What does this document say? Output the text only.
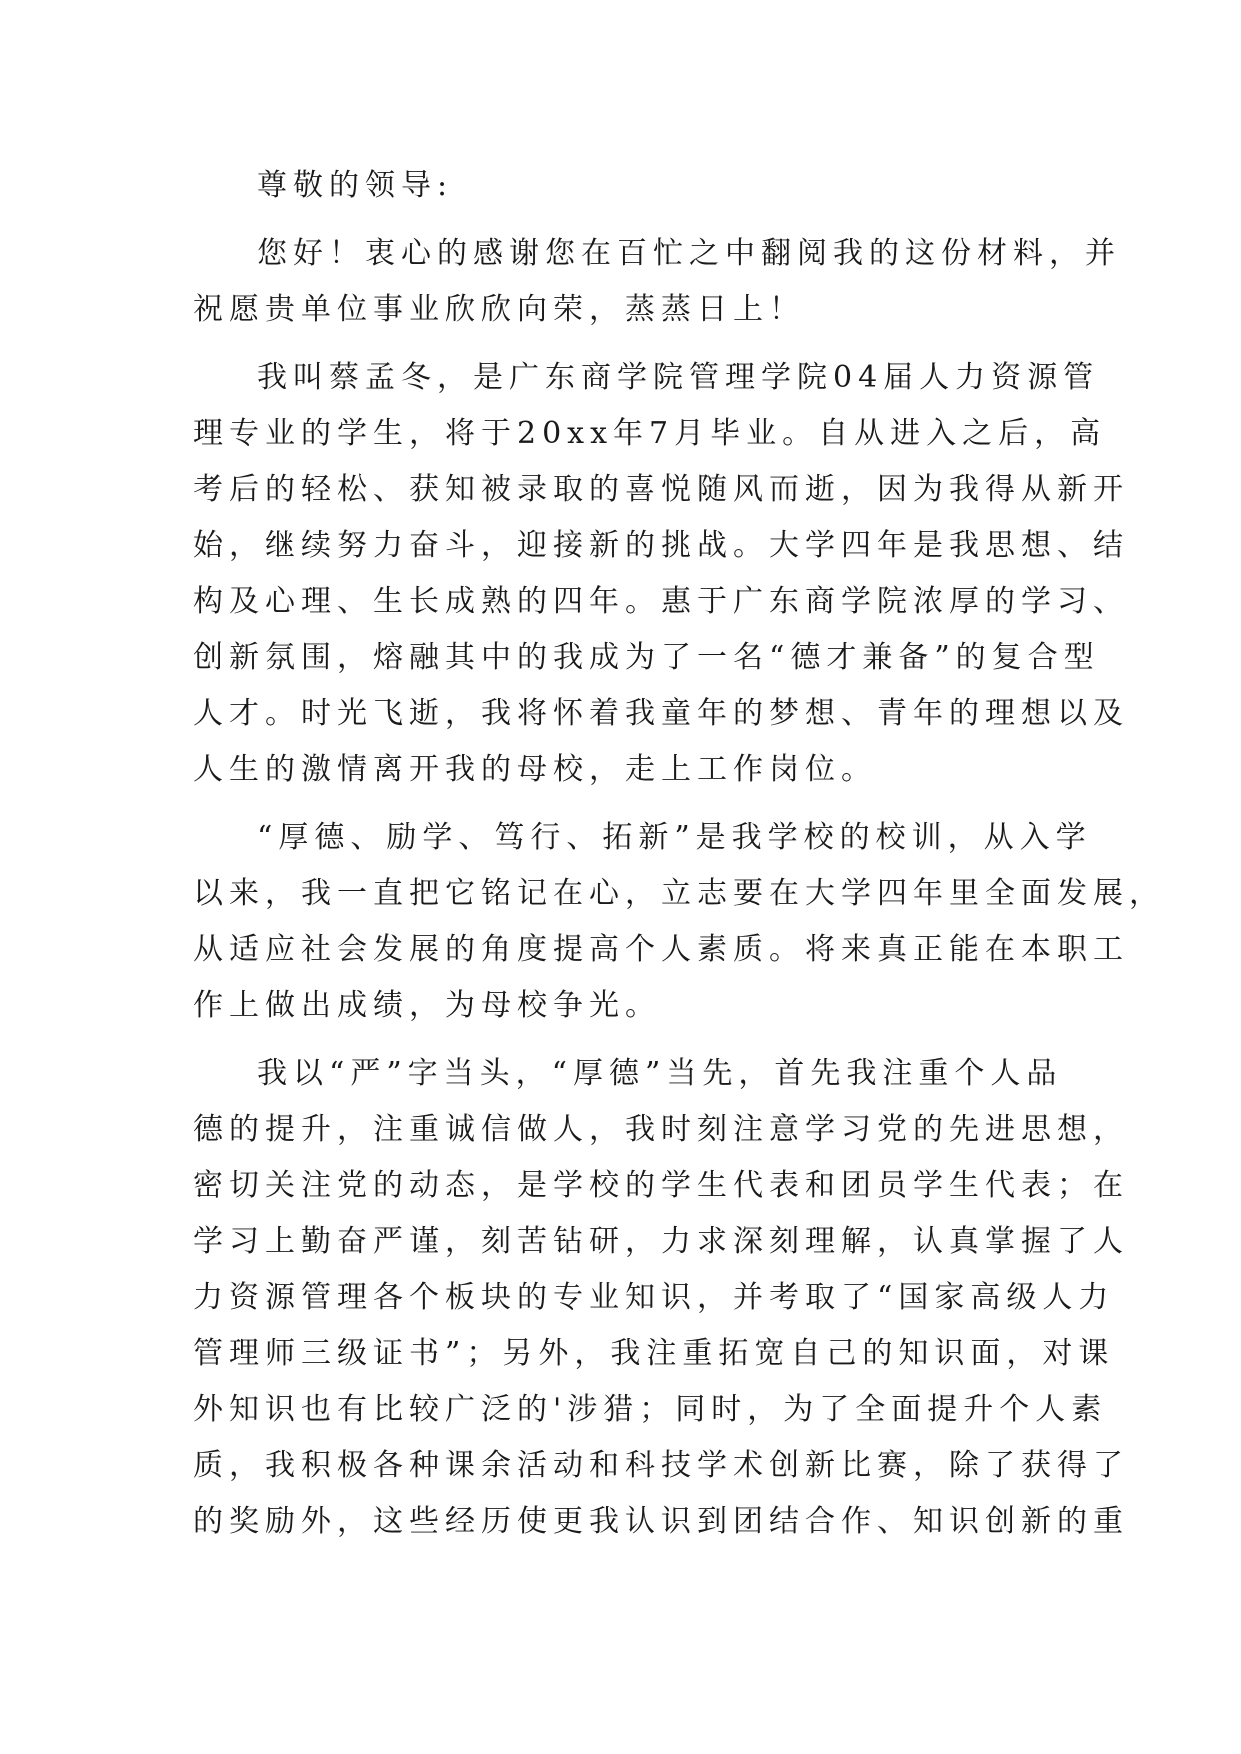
尊敬的领导:
您好！衷心的感谢您在百忙之中翻阅我的这份材料，并
祝愿贵单位事业欣欣向荣，蒸蒸日上！
我叫蔡孟冬，是广东商学院管理学院04届人力资源管
理专业的学生，将于20xx年7月毕业。自从进入之后，高
考后的轻松、获知被录取的喜悦随风而逝，因为我得从新开
始，继续努力奋斗，迎接新的挑战。大学四年是我思想、结
构及心理、生长成熟的四年。惠于广东商学院浓厚的学习、
创新氛围，熔融其中的我成为了一名“德才兼备”的复合型
人才。时光飞逝，我将怀着我童年的梦想、青年的理想以及
人生的激情离开我的母校，走上工作岗位。
“厚德、励学、笃行、拓新”是我学校的校训，从入学
以来，我一直把它铭记在心，立志要在大学四年里全面发展，
从适应社会发展的角度提高个人素质。将来真正能在本职工
作上做出成绩，为母校争光。
我以“严”字当头，“厚德”当先，首先我注重个人品
德的提升，注重诚信做人，我时刻注意学习党的先进思想，
密切关注党的动态，是学校的学生代表和团员学生代表；在
学习上勤奋严谨，刻苦钻研，力求深刻理解，认真掌握了人
力资源管理各个板块的专业知识，并考取了“国家高级人力
管理师三级证书”；另外，我注重拓宽自己的知识面，对课
外知识也有比较广泛的'涉猎；同时，为了全面提升个人素
质，我积极各种课余活动和科技学术创新比赛，除了获得了
的奖励外，这些经历使更我认识到团结合作、知识创新的重
